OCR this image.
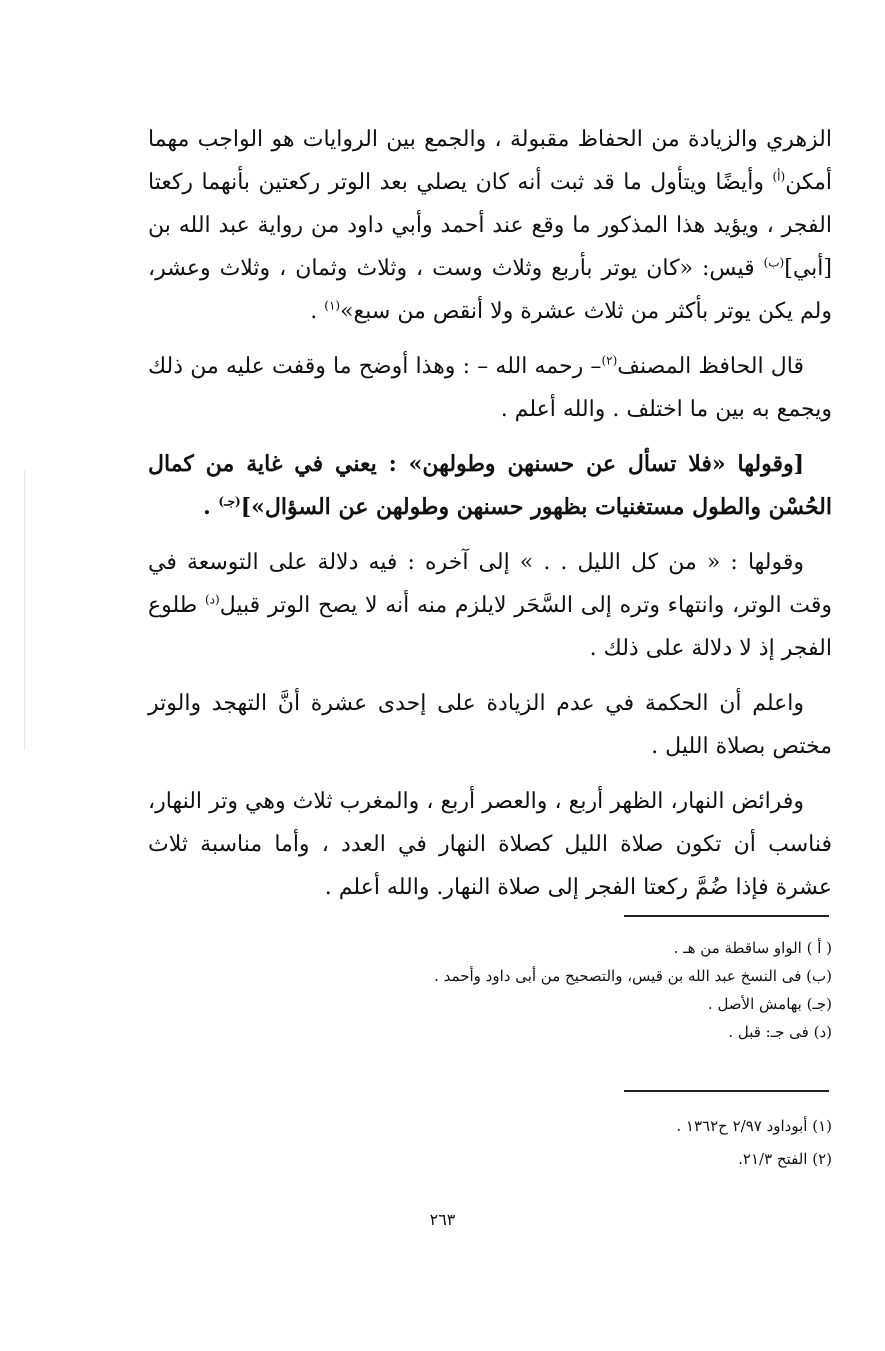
الزهري والزيادة من الحفاظ مقبولة ، والجمع بين الروايات هو الواجب مهما أمكن$^{(أ)}$ وأيضًا ويتأول ما قد ثبت أنه كان يصلي بعد الوتر ركعتين بأنهما ركعتا الفجر ، ويؤيد هذا المذكور ما وقع عند أحمد وأبي داود من رواية عبد الله بن [أبي]$^{(ب)}$ قيس: «كان يوتر بأربع وثلاث وست ، وثلاث وثمان ، وثلاث وعشر، ولم يكن يوتر بأكثر من ثلاث عشرة ولا أنقص من سبع»$^{(١)}$ .

قال الحافظ المصنف$^{(٢)}$– رحمه الله – : وهذا أوضح ما وقفت عليه من ذلك ويجمع به بين ما اختلف . والله أعلم .

[وقولها «فلا تسأل عن حسنهن وطولهن» : يعني في غاية من كمال الحُسْن والطول مستغنيات بظهور حسنهن وطولهن عن السؤال»]$^{(جـ)}$ .

وقولها : « من كل الليل . . » إلى آخره : فيه دلالة على التوسعة في وقت الوتر، وانتهاء وتره إلى السَّحَر لايلزم منه أنه لا يصح الوتر قبيل$^{(د)}$ طلوع الفجر إذ لا دلالة على ذلك .

واعلم أن الحكمة في عدم الزيادة على إحدى عشرة أنَّ التهجد والوتر مختص بصلاة الليل .

وفرائض النهار، الظهر أربع ، والعصر أربع ، والمغرب ثلاث وهي وتر النهار، فناسب أن تكون صلاة الليل كصلاة النهار في العدد ، وأما مناسبة ثلاث عشرة فإذا ضُمَّ ركعتا الفجر إلى صلاة النهار. والله أعلم .

( أ ) الواو ساقطة من هـ .
(ب) فى النسخ عبد الله بن قيس، والتصحيح من أبى داود وأحمد .
(جـ) بهامش الأصل .
(د) فى جـ: قبل .
(١) أبوداود ٢/٩٧ ح١٣٦٢ .
(٢) الفتح ٢١/٣.
٢٦٣
